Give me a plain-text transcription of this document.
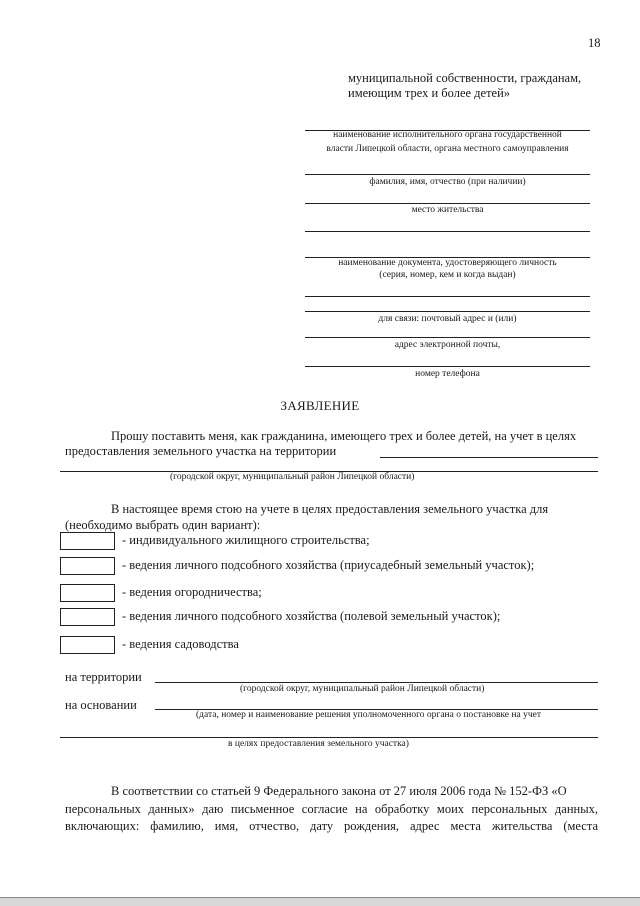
18
муниципальной собственности, гражданам,
имеющим трех и более детей»
наименование исполнительного органа государственной
власти Липецкой области, органа местного самоуправления
фамилия, имя, отчество (при наличии)
место жительства
наименование документа, удостоверяющего личность
(серия, номер, кем и когда выдан)
для связи: почтовый адрес и (или)
адрес электронной почты,
номер телефона
ЗАЯВЛЕНИЕ
Прошу поставить меня, как гражданина, имеющего трех и более детей, на учет в целях
предоставления земельного участка на территории
(городской округ, муниципальный район Липецкой области)
В настоящее время стою на учете в целях предоставления земельного участка для
(необходимо выбрать один вариант):
- индивидуального жилищного строительства;
- ведения личного подсобного хозяйства (приусадебный земельный участок);
- ведения огородничества;
- ведения личного подсобного хозяйства (полевой земельный участок);
- ведения садоводства
на территории
(городской округ, муниципальный район Липецкой области)
на основании
(дата, номер и наименование решения уполномоченного органа о постановке на учет
в целях предоставления земельного участка)
В соответствии со статьей 9 Федерального закона от 27 июля 2006 года № 152-ФЗ «О
персональных данных» даю письменное согласие на обработку моих персональных данных,
включающих: фамилию, имя, отчество, дату рождения, адрес места жительства (места
